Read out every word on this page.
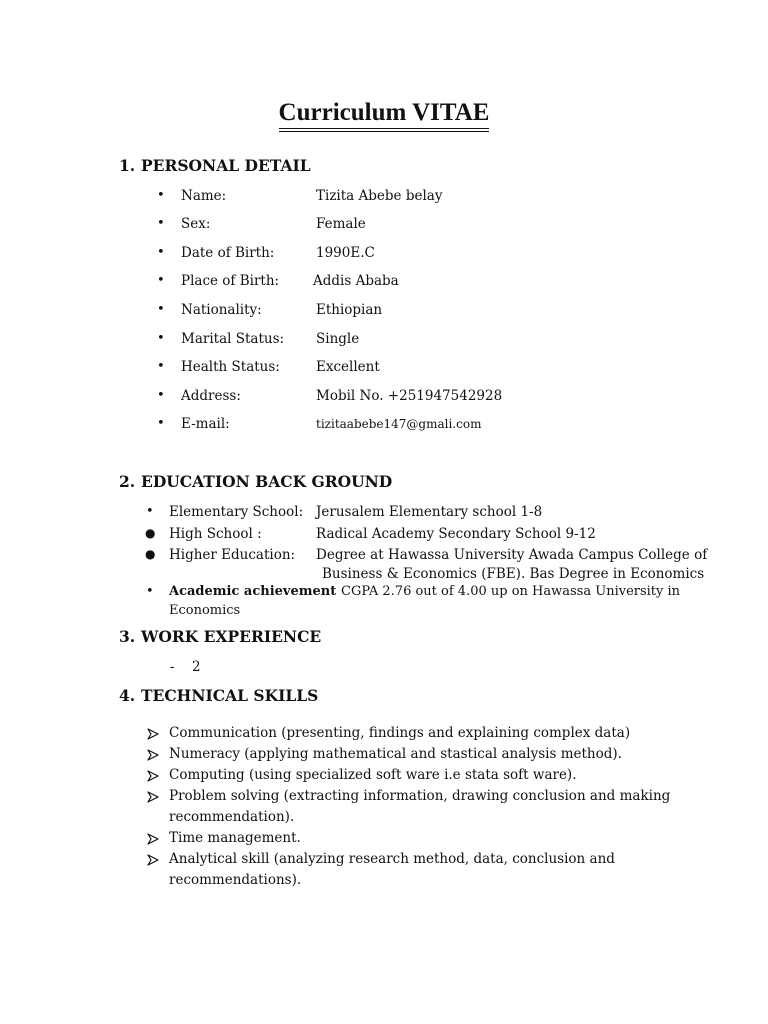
Curriculum VITAE
1. PERSONAL DETAIL
• Name:	Tizita Abebe belay
• Sex:	Female
• Date of Birth:	1990E.C
• Place of Birth:	Addis Ababa
• Nationality:	Ethiopian
• Marital Status: Single
• Health Status:	Excellent
• Address:	Mobil No. +251947542928
• E-mail:	tizitaabebe147@gmali.com
2. EDUCATION BACK GROUND
• Elementary School: Jerusalem Elementary school 1-8
● High School :	Radical Academy Secondary School 9-12
● Higher Education: Degree at Hawassa University Awada Campus College of
Business & Economics (FBE). Bas Degree in Economics
• Academic achievement CGPA 2.76 out of 4.00 up on Hawassa University in
Economics
3. WORK EXPERIENCE
- 2
4. TECHNICAL SKILLS
Communication (presenting, findings and explaining complex data)
Numeracy (applying mathematical and stastical analysis method).
Computing (using specialized soft ware i.e stata soft ware).
Problem solving (extracting information, drawing conclusion and making
recommendation).
Time management.
Analytical skill (analyzing research method, data, conclusion and
recommendations).
